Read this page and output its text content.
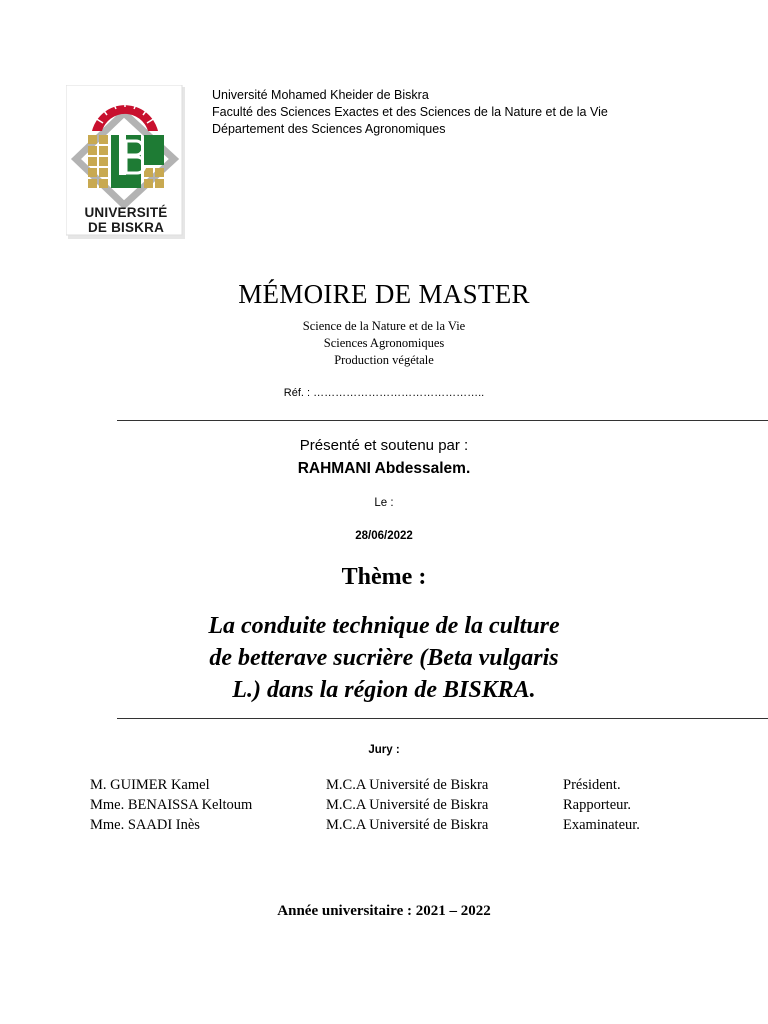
UNIVERSITÉ
DE BISKRA
Université Mohamed Kheider de Biskra
Faculté des Sciences Exactes et des Sciences de la Nature et de la Vie
Département des Sciences Agronomiques
MÉMOIRE DE MASTER
Science de la Nature et de la Vie
Sciences Agronomiques
Production végétale
Réf. : ………………………………………..
Présenté et soutenu par :
RAHMANI Abdessalem.
Le :
28/06/2022
Thème :
La conduite technique de la culture
de betterave sucrière (Beta vulgaris
L.) dans la région de BISKRA.
Jury :
M. GUIMER Kamel	M.C.A Université de Biskra	Président.
Mme. BENAISSA Keltoum	M.C.A Université de Biskra	Rapporteur.
Mme. SAADI Inès	M.C.A Université de Biskra	Examinateur.
Année universitaire : 2021 – 2022
